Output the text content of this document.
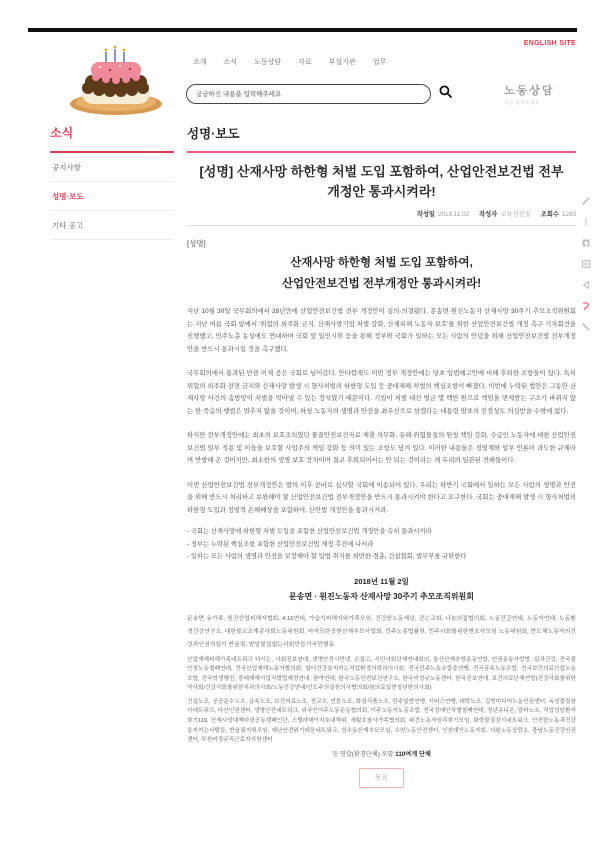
ENGLISH SITE
소개 소식 노동상담 자료 부설기관 업무
궁금하신 내용을 입력해주세요
노동상담
지금 물어보세요
소식
공지사항
성명·보도
기타 공고
성명·보도
[성명] 산재사망 하한형 처벌 도입 포함하여, 산업안전보건법 전부개정안 통과시켜라!
작성일 2018.11.02 작성자 교육선전실 조회수 1283
[성명]
산재사망 하한형 처벌 도입 포함하여,
산업안전보건법 전부개정안 통과시켜라!
지난 10월 30일 국무회의에서 28년만에 산업안전보건법 전부 개정안이 심의·의결됐다. 문송면·원진노동자 산재사망 30주기 추모조직위원회는 지난 여름 국회 앞에서 '위험의 외주화 금지, 산재사망기업 처벌 강화, 산재피해 노동자 보호'를 위한 산업안전보건법 개정 촉구 기자회견을 진행했고, 민주노총 농성에도 연대하며 국회 앞 일인시위 등을 통해 정부와 국회가 일하는 모든 사람의 안녕을 위해 산업안전보건법 전부개정안을 반드시 통과시킬 것을 촉구했다.
국무회의에서 통과된 만큼 이제 공은 국회로 넘어갔다. 안타깝게도 이번 정부 개정안에는 당초 입법예고안에 비해 후퇴한 조항들이 있다. 특히 위험의 외주화 전면 금지와 산재사망 발생 시 형사처벌의 하한형 도입 등 중대재해 처벌의 핵심조항이 빠졌다. 이번에 누락된 법안은 그동안 산재사망 사건의 솜방망이 처벌을 막아낼 수 있는 장치였기 때문이다. 기업이 처벌 대신 벌금 몇 백만 원으로 책임을 면제받는 구조가 바뀌지 않는 한 죽음의 행렬은 멈추지 않을 것이며, 하청 노동자의 생명과 안전을 최우선으로 삼겠다는 대통령 발표의 진정성도 의심받을 수밖에 없다.
하지만 전부개정안에는 최초의 보호조치였던 물질안전보건자료 제출 의무화, 유해·위험물질의 원청 책임 강화, 수급인 노동자에 대한 산업안전보건법 일부 적용 및 이들을 보호할 사업주의 책임 강화 등 의미 있는 조항도 담겨 있다. 이러한 내용들은 경영계와 일부 언론이 과도한 규제라며 반발해 온 것이지만, 최소한의 생명 보호 장치이며 결코 후퇴되어서는 안 되는 것이라는 게 우리의 일관된 견해들이다.
이번 산업안전보건법 전부개정안은 발의 이후 곧바로 심사할 국회에 이송되어 있다. 우리는 하반기 국회에서 일하는 모든 사람의 생명과 안전을 위해 반드시 처리하고 보완해야 할 산업안전보건법 전부개정안을 반드시 통과시켜야 한다고 요구한다. 국회는 중대재해 발생 시 형사처벌의 하한형 도입과 징벌적 손해배상을 포함하여, 산안법 개정안을 통과시켜라.
- 국회는 산재사망에 하한형 처벌 도입을 포함한 산업안전보건법 개정안을 속히 통과시켜라
- 정부는 누락된 핵심조항 포함한 산업안전보건법 제정 추진에 나서라
- 일하는 모든 사람의 생명과 안전을 보장해야 할 입법 취지를 외면한 경총, 건설협회, 법무부를 규탄한다
2018년 11월 2일
문송면 · 원진노동자 산재사망 30주기 추모조직위원회
문송면 유가족, 원진산업피해자협회, 4.16연대, 가습기피해자와가족모임, 건강한노동세상, 걷는교회, 나눔의집협의회, 노동건강연대, 노동자연대, 노동환경건강연구소, 대한불교조계종사회노동위원회, 마석모란공원산재추모사업회, 민주노총법률원, 민주사회를위한변호사모임 노동위원회, 반도체노동자의건강과인권지킴이 반올림, 발암물질없는사회만들기국민행동
산업재해피해가족네트워크 다시는, 사회진보연대, 생명안전시민넷, 손잡고, 시민사회단체연대회의, 울산산재추방운동연합, 인권운동사랑방, 일과건강, 전국불안정노동철폐연대, 전국산업재해노동자협의회, 일터건강을지키는직업환경의학과의사회, 전국민주노동조합총연맹, 전국금속노동조합, 전국보건의료산업노동조합, 전국학생행진, 중대재해기업처벌법제정연대, 참여연대, 한국노동안전보건연구소, 한국비정규노동센터, 한국진보연대, 보건의료단체연합(건강사회를위한약사회/건강사회를위한치과의사회/노동건강연대/인도주의실천의사협의회/참의료실현청년한의사회)
건설노조, 공공운수노조, 금속노조, 보건의료노조, 전교조, 언론노조, 화섬식품노조, 민주일반연맹, 서비스연맹, 대학노조, 길벗미디어노동인권센터, 독성물질참사네트워크, 다산인권센터, 생명안전네트워크, 외국인이주노동운동협의회, 이주노동자노동조합, 전국장애인차별철폐연대, 청년유니온, 알바노조, 직업성암환자찾기119, 산재사망대책마련공동캠페인단, 스텔라데이지호대책위, 세월호참사가족협의회, 파견노동자권리찾기모임, 화학물질감시네트워크, 안전한노동과건강을지키는사람들, 반올림지원모임, 재난안전위기대응네트워크, 성수동산재추모모임, 수원노동안전센터, 인천대안노동자회, 의왕노동상담소, 충남노동건강인권센터, 부천비정규직근로자지원센터
등 연합(환경단체) 포함 110여개 단체
목록
